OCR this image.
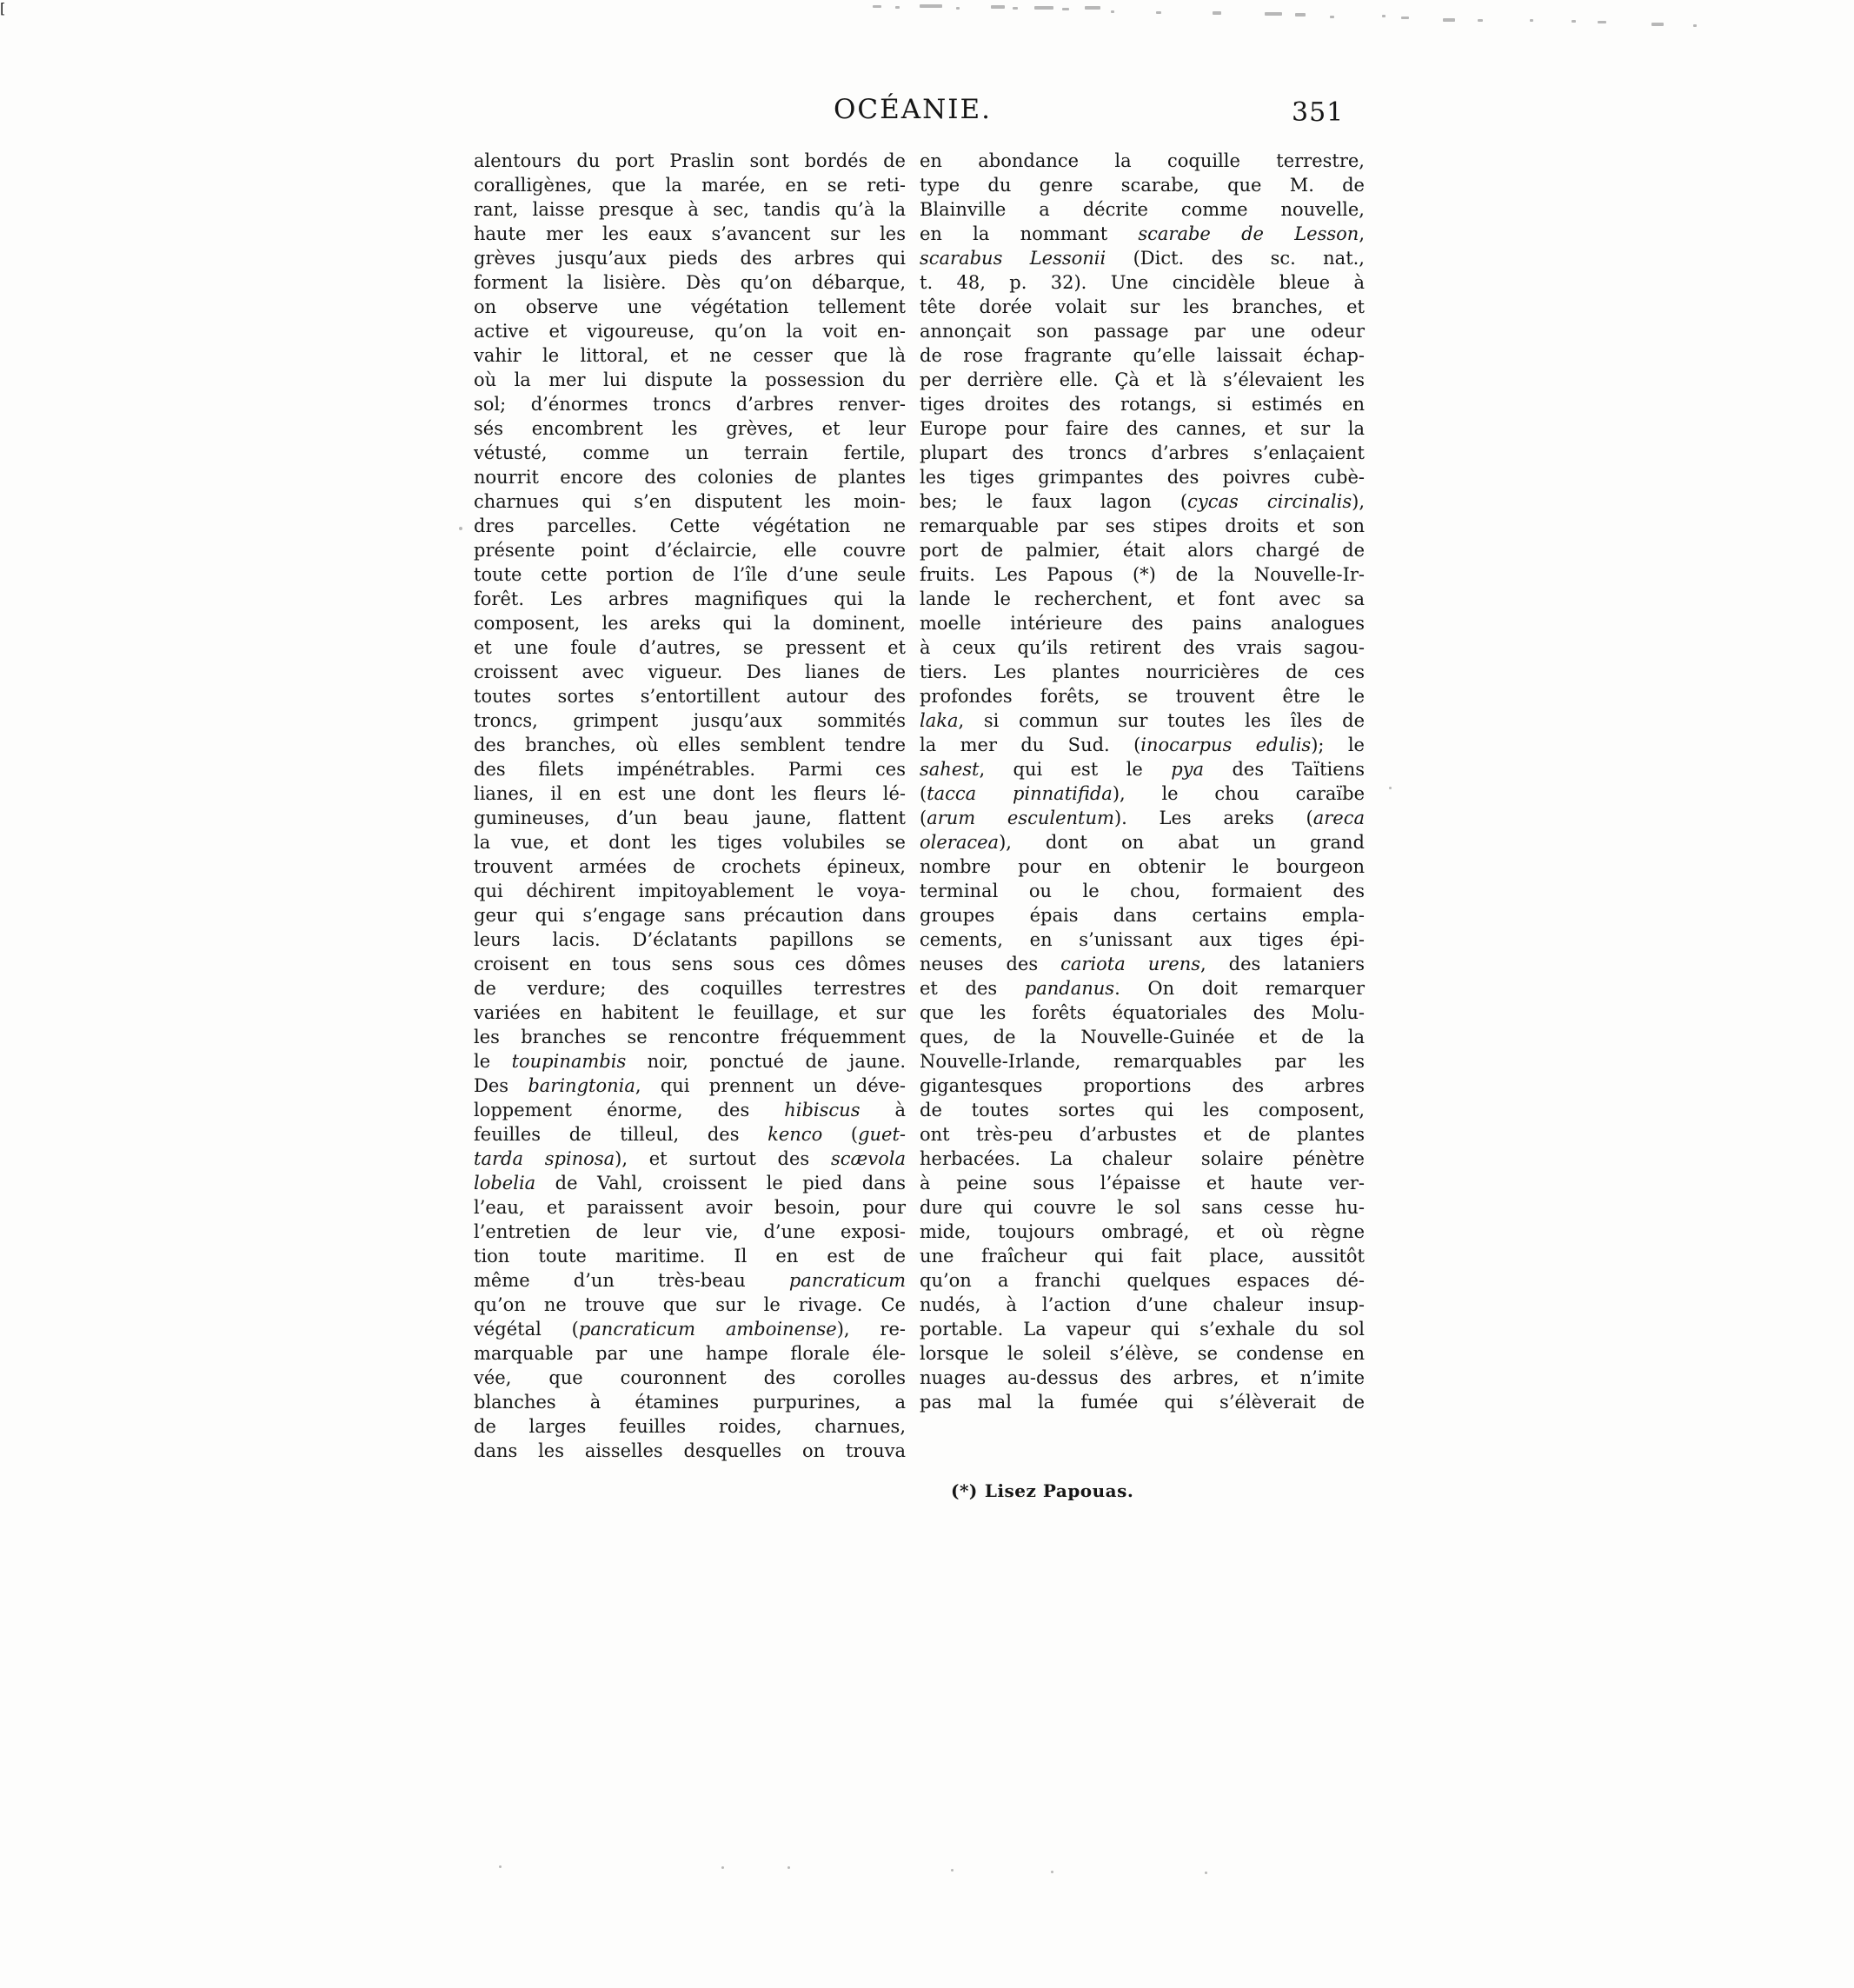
[
OCÉANIE.	351
alentours du port Praslin sont bordés de
coralligènes, que la marée, en se reti-
rant, laisse presque à sec, tandis qu’à la
haute mer les eaux s’avancent sur les
grèves jusqu’aux pieds des arbres qui
forment la lisière. Dès qu’on débarque,
on observe une végétation tellement
active et vigoureuse, qu’on la voit en-
vahir le littoral, et ne cesser que là
où la mer lui dispute la possession du
sol; d’énormes troncs d’arbres renver-
sés encombrent les grèves, et leur
vétusté, comme un terrain fertile,
nourrit encore des colonies de plantes
charnues qui s’en disputent les moin-
dres parcelles. Cette végétation ne
présente point d’éclaircie, elle couvre
toute cette portion de l’île d’une seule
forêt. Les arbres magnifiques qui la
composent, les areks qui la dominent,
et une foule d’autres, se pressent et
croissent avec vigueur. Des lianes de
toutes sortes s’entortillent autour des
troncs, grimpent jusqu’aux sommités
des branches, où elles semblent tendre
des filets impénétrables. Parmi ces
lianes, il en est une dont les fleurs lé-
gumineuses, d’un beau jaune, flattent
la vue, et dont les tiges volubiles se
trouvent armées de crochets épineux,
qui déchirent impitoyablement le voya-
geur qui s’engage sans précaution dans
leurs lacis. D’éclatants papillons se
croisent en tous sens sous ces dômes
de verdure; des coquilles terrestres
variées en habitent le feuillage, et sur
les branches se rencontre fréquemment
le toupinambis noir, ponctué de jaune.
Des baringtonia, qui prennent un déve-
loppement énorme, des hibiscus à
feuilles de tilleul, des kenco (guet-
tarda spinosa), et surtout des scævola
lobelia de Vahl, croissent le pied dans
l’eau, et paraissent avoir besoin, pour
l’entretien de leur vie, d’une exposi-
tion toute maritime. Il en est de
même d’un très-beau pancraticum
qu’on ne trouve que sur le rivage. Ce
végétal (pancraticum amboinense), re-
marquable par une hampe florale éle-
vée, que couronnent des corolles
blanches à étamines purpurines, a
de larges feuilles roides, charnues,
dans les aisselles desquelles on trouva
en abondance la coquille terrestre,
type du genre scarabe, que M. de
Blainville a décrite comme nouvelle,
en la nommant scarabe de Lesson,
scarabus Lessonii (Dict. des sc. nat.,
t. 48, p. 32). Une cincidèle bleue à
tête dorée volait sur les branches, et
annonçait son passage par une odeur
de rose fragrante qu’elle laissait échap-
per derrière elle. Çà et là s’élevaient les
tiges droites des rotangs, si estimés en
Europe pour faire des cannes, et sur la
plupart des troncs d’arbres s’enlaçaient
les tiges grimpantes des poivres cubè-
bes; le faux lagon (cycas circinalis),
remarquable par ses stipes droits et son
port de palmier, était alors chargé de
fruits. Les Papous (*) de la Nouvelle-Ir-
lande le recherchent, et font avec sa
moelle intérieure des pains analogues
à ceux qu’ils retirent des vrais sagou-
tiers. Les plantes nourricières de ces
profondes forêts, se trouvent être le
laka, si commun sur toutes les îles de
la mer du Sud. (inocarpus edulis); le
sahest, qui est le pya des Taïtiens
(tacca pinnatifida), le chou caraïbe
(arum esculentum). Les areks (areca
oleracea), dont on abat un grand
nombre pour en obtenir le bourgeon
terminal ou le chou, formaient des
groupes épais dans certains empla-
cements, en s’unissant aux tiges épi-
neuses des cariota urens, des lataniers
et des pandanus. On doit remarquer
que les forêts équatoriales des Molu-
ques, de la Nouvelle-Guinée et de la
Nouvelle-Irlande, remarquables par les
gigantesques proportions des arbres
de toutes sortes qui les composent,
ont très-peu d’arbustes et de plantes
herbacées. La chaleur solaire pénètre
à peine sous l’épaisse et haute ver-
dure qui couvre le sol sans cesse hu-
mide, toujours ombragé, et où règne
une fraîcheur qui fait place, aussitôt
qu’on a franchi quelques espaces dé-
nudés, à l’action d’une chaleur insup-
portable. La vapeur qui s’exhale du sol
lorsque le soleil s’élève, se condense en
nuages au-dessus des arbres, et n’imite
pas mal la fumée qui s’élèverait de
(*) Lisez Papouas.
